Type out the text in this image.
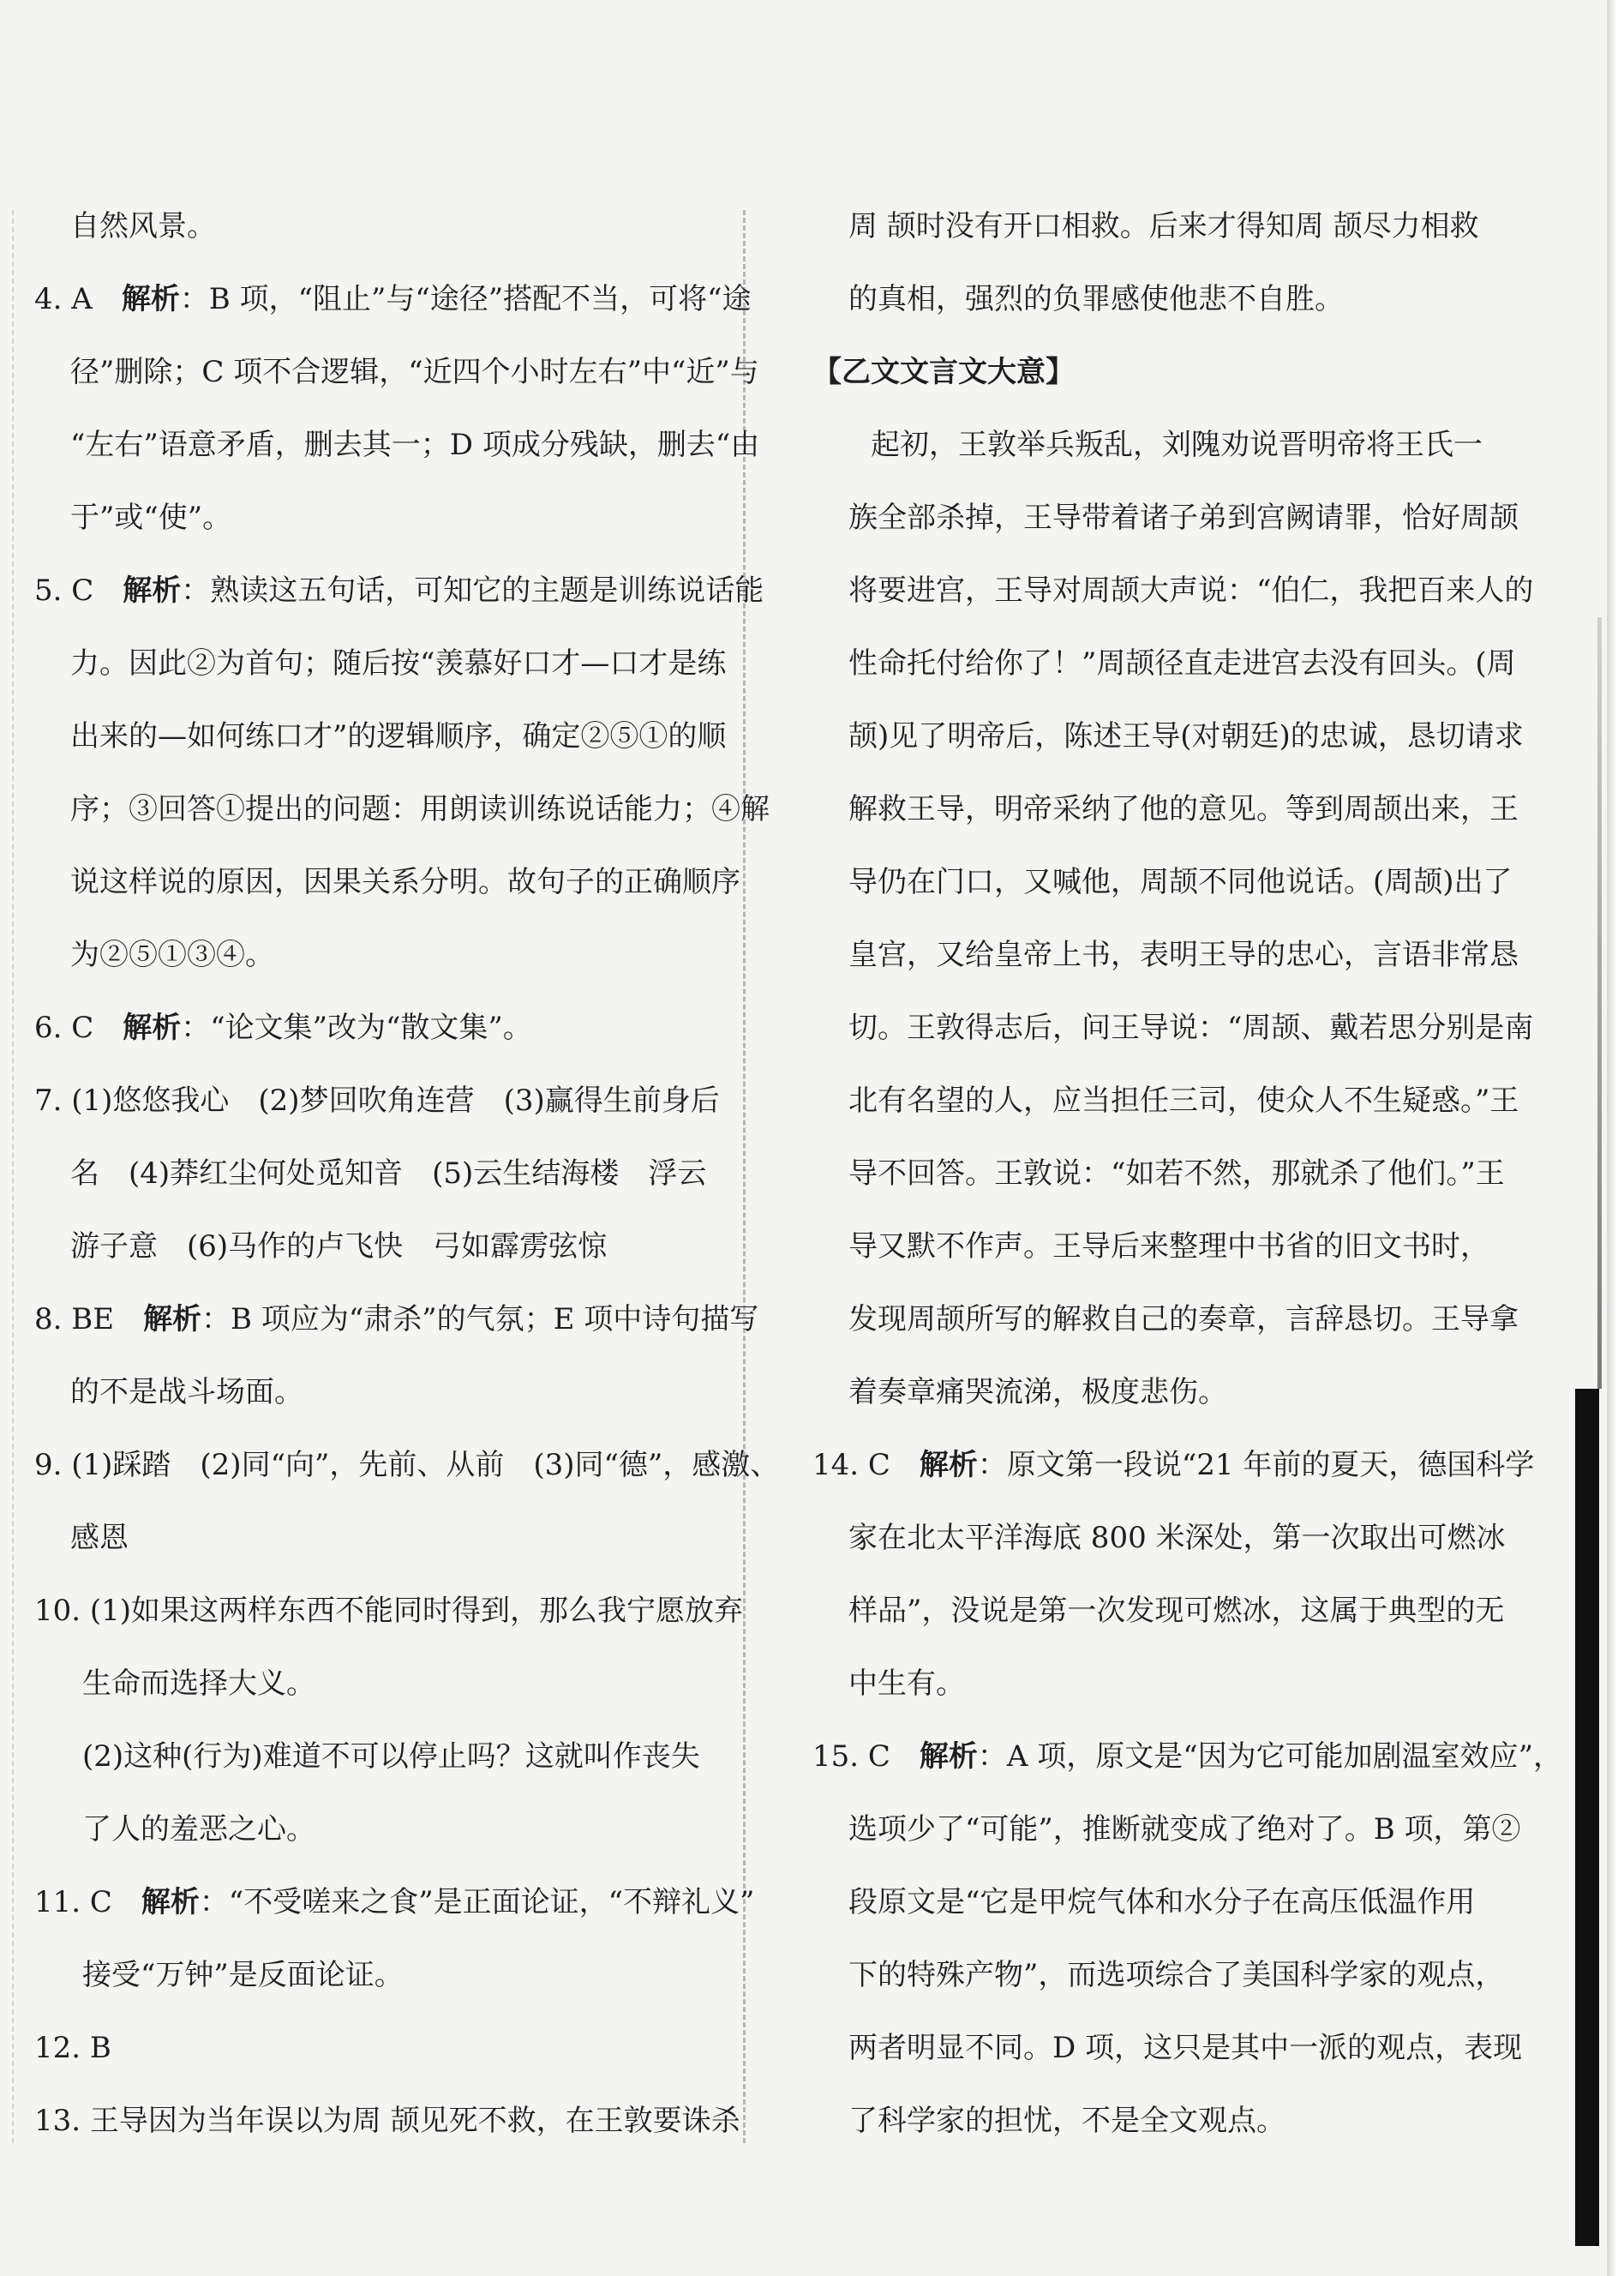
自然风景。
4. A　解析：B 项，“阻止”与“途径”搭配不当，可将“途
径”删除；C 项不合逻辑，“近四个小时左右”中“近”与
“左右”语意矛盾，删去其一；D 项成分残缺，删去“由
于”或“使”。
5. C　解析：熟读这五句话，可知它的主题是训练说话能
力。因此②为首句；随后按“羡慕好口才—口才是练
出来的—如何练口才”的逻辑顺序，确定②⑤①的顺
序；③回答①提出的问题：用朗读训练说话能力；④解
说这样说的原因，因果关系分明。故句子的正确顺序
为②⑤①③④。
6. C　解析：“论文集”改为“散文集”。
7. (1)悠悠我心　(2)梦回吹角连营　(3)赢得生前身后
名　(4)莽红尘何处觅知音　(5)云生结海楼　浮云
游子意　(6)马作的卢飞快　弓如霹雳弦惊
8. BE　解析：B 项应为“肃杀”的气氛；E 项中诗句描写
的不是战斗场面。
9. (1)踩踏　(2)同“向”，先前、从前　(3)同“德”，感激、
感恩
10. (1)如果这两样东西不能同时得到，那么我宁愿放弃
生命而选择大义。
(2)这种(行为)难道不可以停止吗？这就叫作丧失
了人的羞恶之心。
11. C　解析：“不受嗟来之食”是正面论证，“不辩礼义”
接受“万钟”是反面论证。
12. B
13. 王导因为当年误以为周 颉见死不救，在王敦要诛杀
周 颉时没有开口相救。后来才得知周 颉尽力相救
的真相，强烈的负罪感使他悲不自胜。
【乙文文言文大意】
起初，王敦举兵叛乱，刘隗劝说晋明帝将王氏一
族全部杀掉，王导带着诸子弟到宫阙请罪，恰好周颉
将要进宫，王导对周颉大声说：“伯仁，我把百来人的
性命托付给你了！”周颉径直走进宫去没有回头。(周
颉)见了明帝后，陈述王导(对朝廷)的忠诚，恳切请求
解救王导，明帝采纳了他的意见。等到周颉出来，王
导仍在门口，又喊他，周颉不同他说话。(周颉)出了
皇宫，又给皇帝上书，表明王导的忠心，言语非常恳
切。王敦得志后，问王导说：“周颉、戴若思分别是南
北有名望的人，应当担任三司，使众人不生疑惑。”王
导不回答。王敦说：“如若不然，那就杀了他们。”王
导又默不作声。王导后来整理中书省的旧文书时，
发现周颉所写的解救自己的奏章，言辞恳切。王导拿
着奏章痛哭流涕，极度悲伤。
14. C　解析：原文第一段说“21 年前的夏天，德国科学
家在北太平洋海底 800 米深处，第一次取出可燃冰
样品”，没说是第一次发现可燃冰，这属于典型的无
中生有。
15. C　解析：A 项，原文是“因为它可能加剧温室效应”，
选项少了“可能”，推断就变成了绝对了。B 项，第②
段原文是“它是甲烷气体和水分子在高压低温作用
下的特殊产物”，而选项综合了美国科学家的观点，
两者明显不同。D 项，这只是其中一派的观点，表现
了科学家的担忧，不是全文观点。
